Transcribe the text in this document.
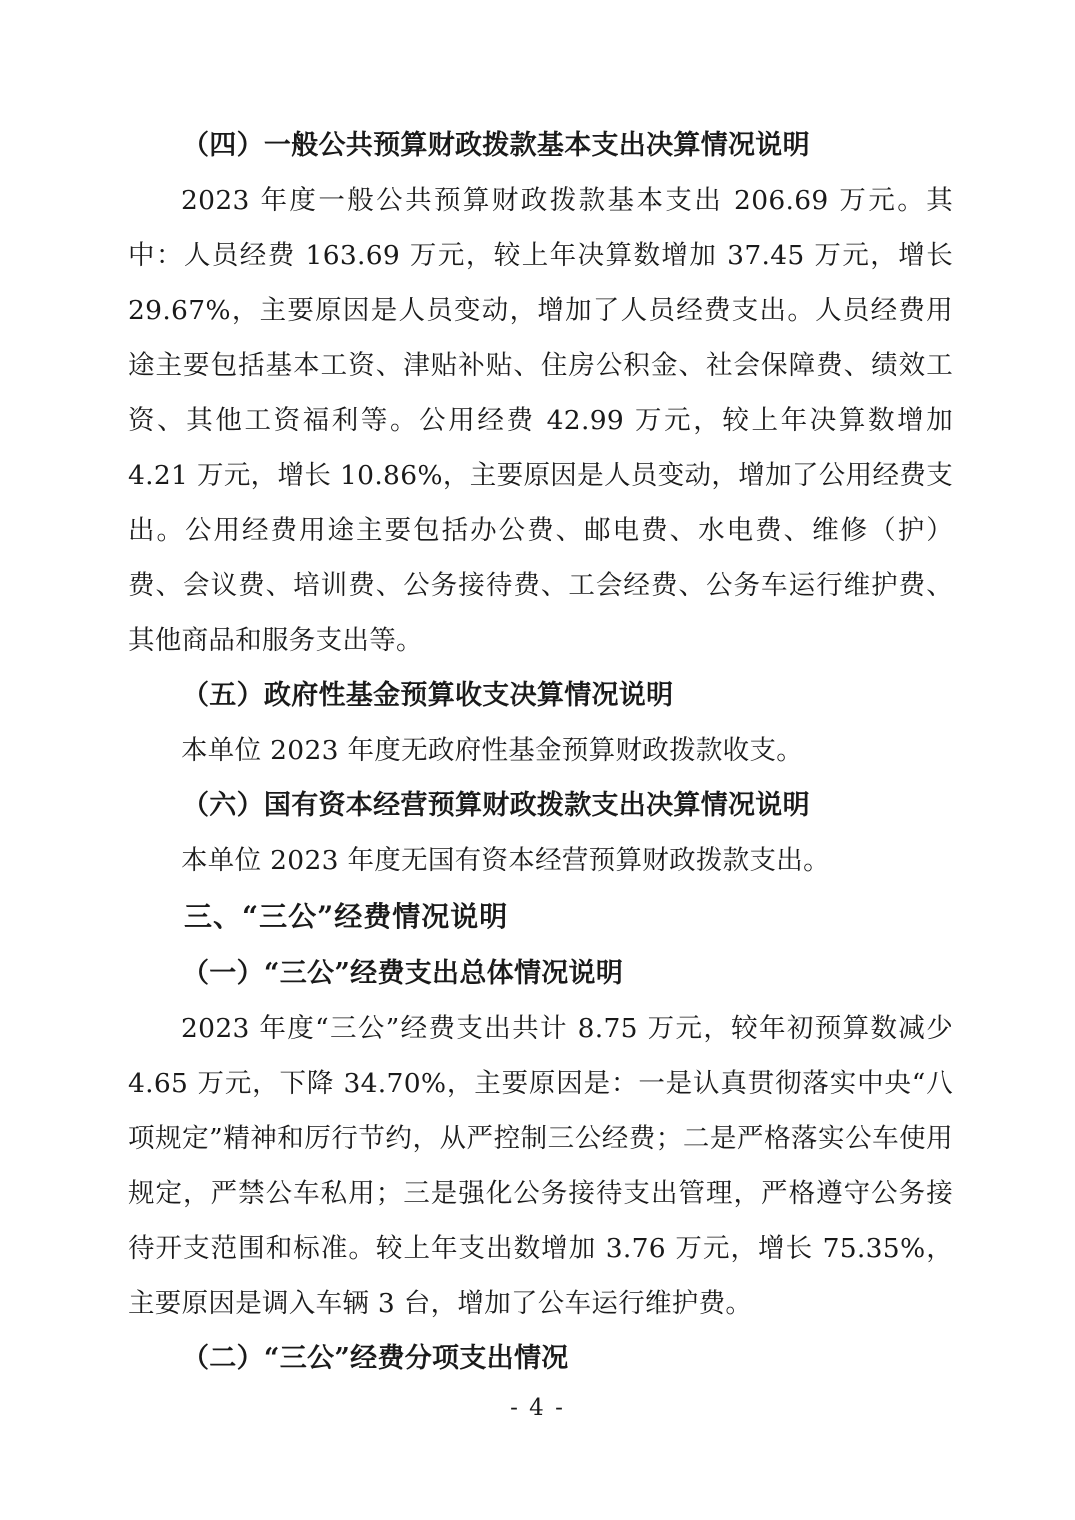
（四）一般公共预算财政拨款基本支出决算情况说明
2023 年度一般公共预算财政拨款基本支出 206.69 万元。其中：人员经费 163.69 万元，较上年决算数增加 37.45 万元，增长 29.67%，主要原因是人员变动，增加了人员经费支出。人员经费用途主要包括基本工资、津贴补贴、住房公积金、社会保障费、绩效工资、其他工资福利等。公用经费 42.99 万元，较上年决算数增加 4.21 万元，增长 10.86%，主要原因是人员变动，增加了公用经费支出。公用经费用途主要包括办公费、邮电费、水电费、维修（护）费、会议费、培训费、公务接待费、工会经费、公务车运行维护费、其他商品和服务支出等。
（五）政府性基金预算收支决算情况说明
本单位 2023 年度无政府性基金预算财政拨款收支。
（六）国有资本经营预算财政拨款支出决算情况说明
本单位 2023 年度无国有资本经营预算财政拨款支出。
三、“三公”经费情况说明
（一）“三公”经费支出总体情况说明
2023 年度“三公”经费支出共计 8.75 万元，较年初预算数减少 4.65 万元，下降 34.70%，主要原因是：一是认真贯彻落实中央“八项规定”精神和厉行节约，从严控制三公经费；二是严格落实公车使用规定，严禁公车私用；三是强化公务接待支出管理，严格遵守公务接待开支范围和标准。较上年支出数增加 3.76 万元，增长 75.35%，主要原因是调入车辆 3 台，增加了公车运行维护费。
（二）“三公”经费分项支出情况
- 4 -
